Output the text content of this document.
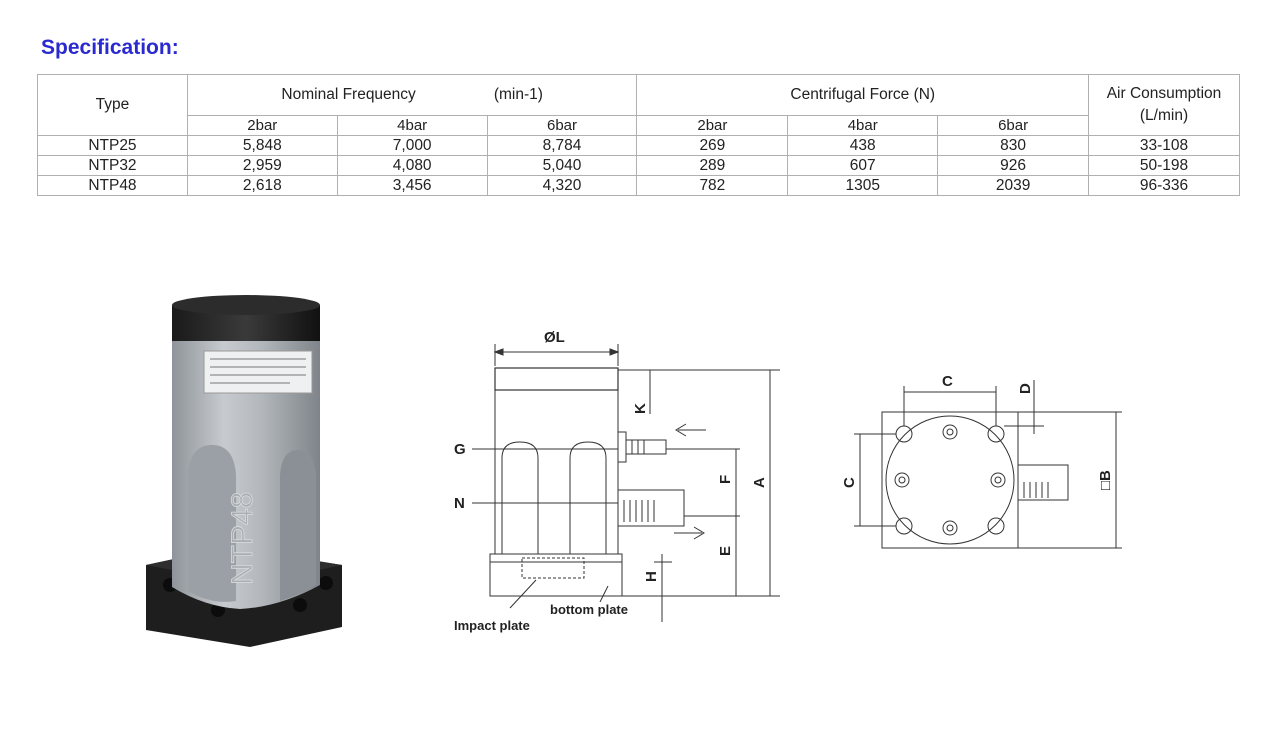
Specification:
Type	Nominal Frequency (min-1)			Centrifugal Force (N)			Air Consumption
(L/min)
	2bar	4bar	6bar	2bar	4bar	6bar	
NTP25	5,848	7,000	8,784	269	438	830	33-108
NTP32	2,959	4,080	5,040	289	607	926	50-198
NTP48	2,618	3,456	4,320	782	1305	2039	96-336
NTP48
ØL
G
N
K
F A
E
H
bottom plate
Impact plate
C
C
D
□B
